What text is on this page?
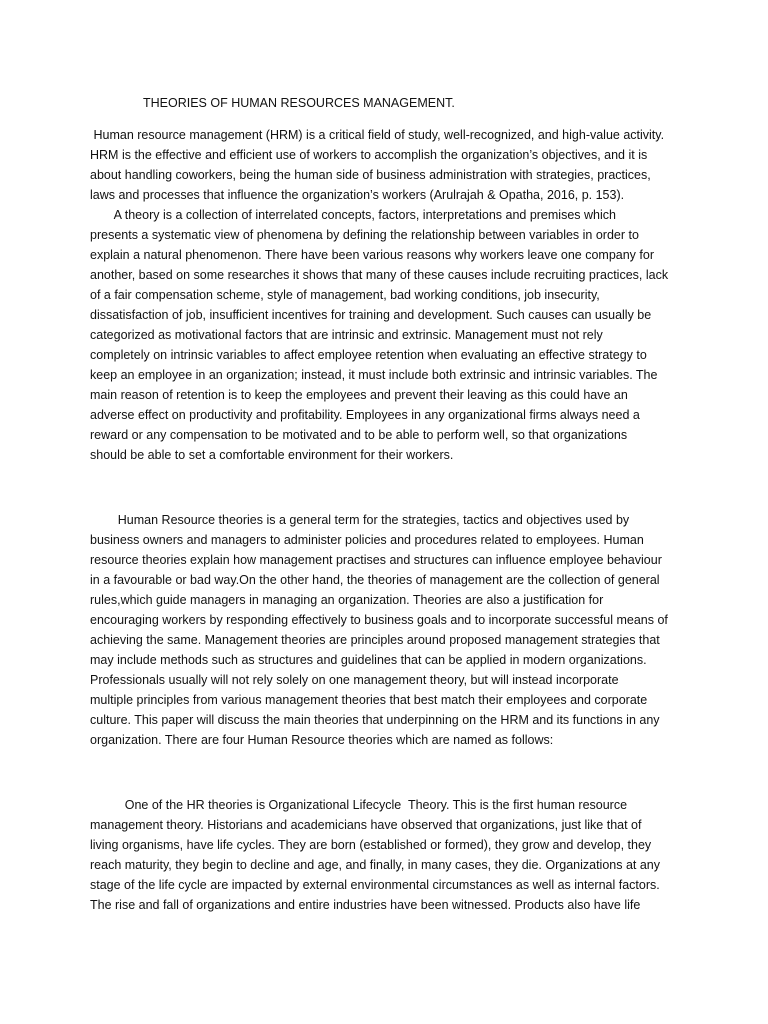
THEORIES OF HUMAN RESOURCES MANAGEMENT.
Human resource management (HRM) is a critical field of study, well-recognized, and high-value activity.
HRM is the effective and efficient use of workers to accomplish the organization’s objectives, and it is
about handling coworkers, being the human side of business administration with strategies, practices,
laws and processes that influence the organization’s workers (Arulrajah & Opatha, 2016, p. 153).
A theory is a collection of interrelated concepts, factors, interpretations and premises which
presents a systematic view of phenomena by defining the relationship between variables in order to
explain a natural phenomenon. There have been various reasons why workers leave one company for
another, based on some researches it shows that many of these causes include recruiting practices, lack
of a fair compensation scheme, style of management, bad working conditions, job insecurity,
dissatisfaction of job, insufficient incentives for training and development. Such causes can usually be
categorized as motivational factors that are intrinsic and extrinsic. Management must not rely
completely on intrinsic variables to affect employee retention when evaluating an effective strategy to
keep an employee in an organization; instead, it must include both extrinsic and intrinsic variables. The
main reason of retention is to keep the employees and prevent their leaving as this could have an
adverse effect on productivity and profitability. Employees in any organizational firms always need a
reward or any compensation to be motivated and to be able to perform well, so that organizations
should be able to set a comfortable environment for their workers.
Human Resource theories is a general term for the strategies, tactics and objectives used by
business owners and managers to administer policies and procedures related to employees. Human
resource theories explain how management practises and structures can influence employee behaviour
in a favourable or bad way.On the other hand, the theories of management are the collection of general
rules,which guide managers in managing an organization. Theories are also a justification for
encouraging workers by responding effectively to business goals and to incorporate successful means of
achieving the same. Management theories are principles around proposed management strategies that
may include methods such as structures and guidelines that can be applied in modern organizations.
Professionals usually will not rely solely on one management theory, but will instead incorporate
multiple principles from various management theories that best match their employees and corporate
culture. This paper will discuss the main theories that underpinning on the HRM and its functions in any
organization. There are four Human Resource theories which are named as follows:
One of the HR theories is Organizational Lifecycle  Theory. This is the first human resource
management theory. Historians and academicians have observed that organizations, just like that of
living organisms, have life cycles. They are born (established or formed), they grow and develop, they
reach maturity, they begin to decline and age, and finally, in many cases, they die. Organizations at any
stage of the life cycle are impacted by external environmental circumstances as well as internal factors.
The rise and fall of organizations and entire industries have been witnessed. Products also have life
